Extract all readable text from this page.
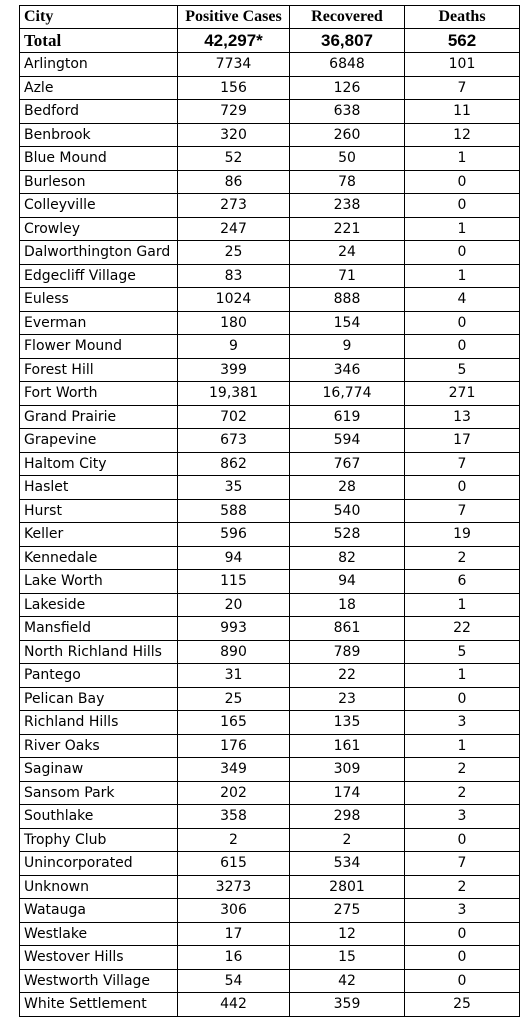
City	Positive Cases	Recovered	Deaths
Total	42,297*	36,807	562
Arlington	7734	6848	101
Azle	156	126	7
Bedford	729	638	11
Benbrook	320	260	12
Blue Mound	52	50	1
Burleson	86	78	0
Colleyville	273	238	0
Crowley	247	221	1
Dalworthington Gard	25	24	0
Edgecliff Village	83	71	1
Euless	1024	888	4
Everman	180	154	0
Flower Mound	9	9	0
Forest Hill	399	346	5
Fort Worth	19,381	16,774	271
Grand Prairie	702	619	13
Grapevine	673	594	17
Haltom City	862	767	7
Haslet	35	28	0
Hurst	588	540	7
Keller	596	528	19
Kennedale	94	82	2
Lake Worth	115	94	6
Lakeside	20	18	1
Mansfield	993	861	22
North Richland Hills	890	789	5
Pantego	31	22	1
Pelican Bay	25	23	0
Richland Hills	165	135	3
River Oaks	176	161	1
Saginaw	349	309	2
Sansom Park	202	174	2
Southlake	358	298	3
Trophy Club	2	2	0
Unincorporated	615	534	7
Unknown	3273	2801	2
Watauga	306	275	3
Westlake	17	12	0
Westover Hills	16	15	0
Westworth Village	54	42	0
White Settlement	442	359	25
